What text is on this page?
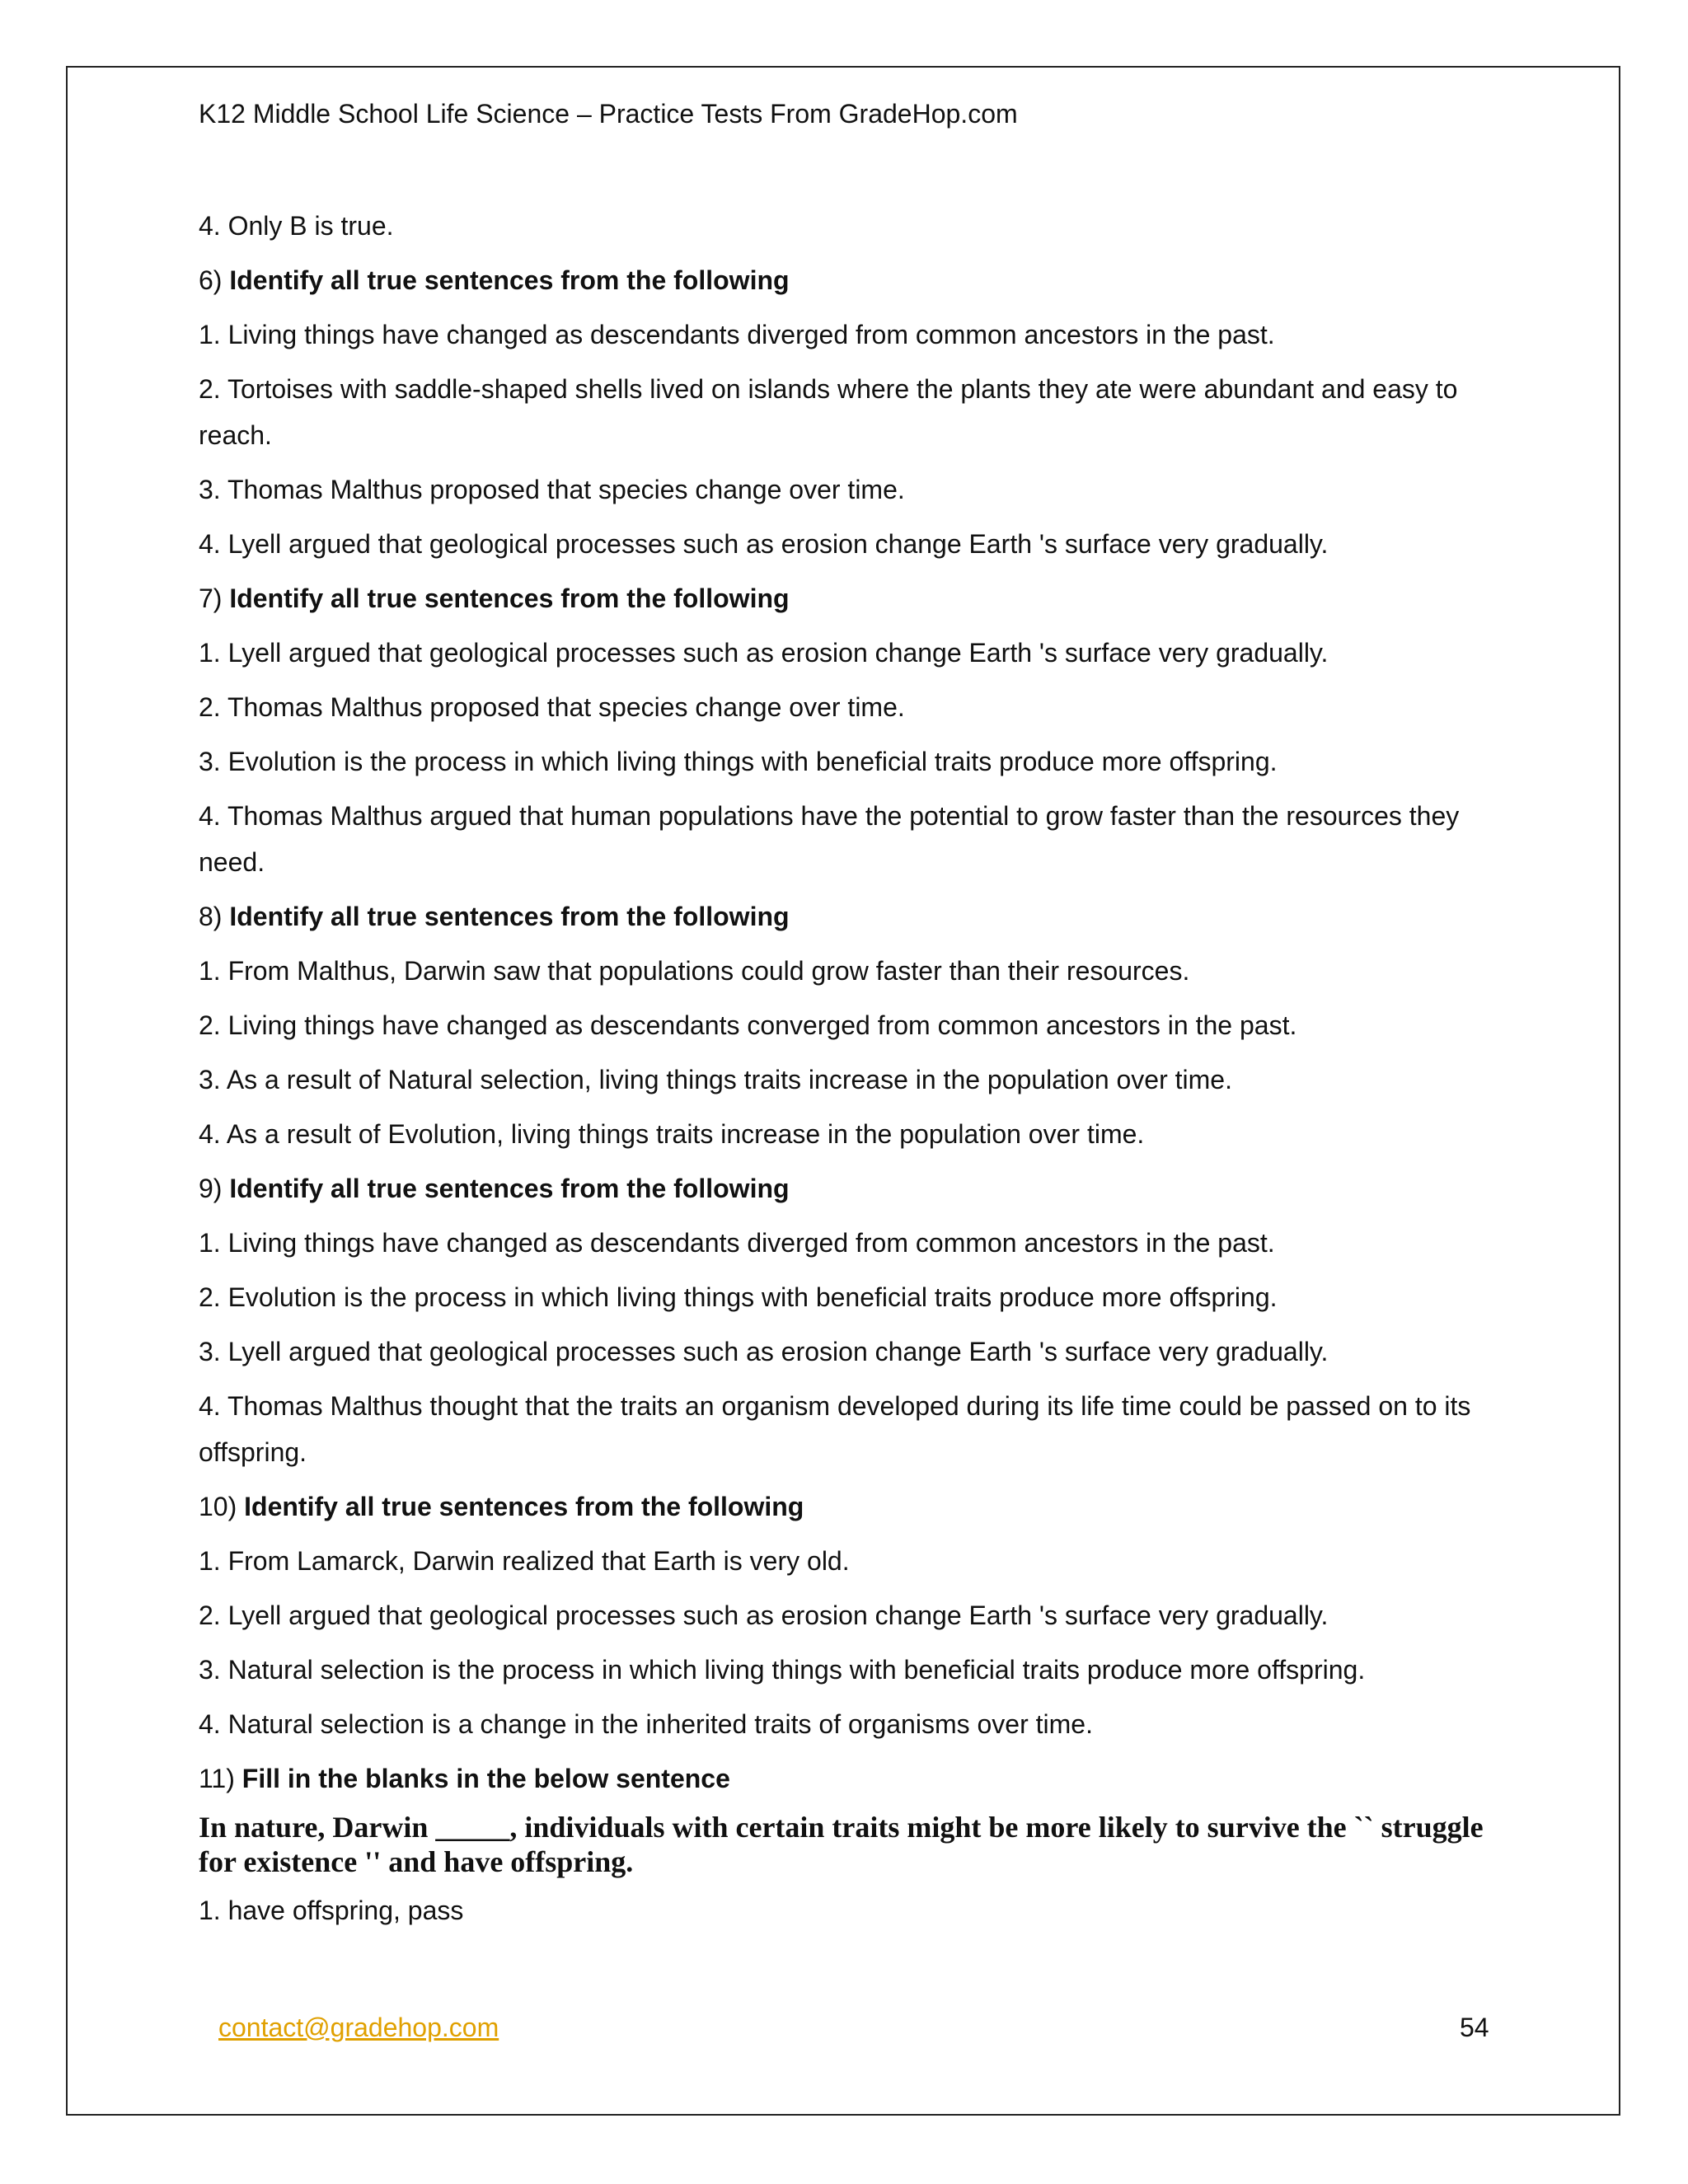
K12 Middle School Life Science – Practice Tests From GradeHop.com
4. Only B is true.
6) Identify all true sentences from the following
1. Living things have changed as descendants diverged from common ancestors in the past.
2. Tortoises with saddle-shaped shells lived on islands where the plants they ate were abundant and easy to reach.
3. Thomas Malthus proposed that species change over time.
4. Lyell argued that geological processes such as erosion change Earth 's surface very gradually.
7) Identify all true sentences from the following
1. Lyell argued that geological processes such as erosion change Earth 's surface very gradually.
2. Thomas Malthus proposed that species change over time.
3. Evolution is the process in which living things with beneficial traits produce more offspring.
4. Thomas Malthus argued that human populations have the potential to grow faster than the resources they need.
8) Identify all true sentences from the following
1. From Malthus, Darwin saw that populations could grow faster than their resources.
2. Living things have changed as descendants converged from common ancestors in the past.
3. As a result of Natural selection, living things traits increase in the population over time.
4. As a result of Evolution, living things traits increase in the population over time.
9) Identify all true sentences from the following
1. Living things have changed as descendants diverged from common ancestors in the past.
2. Evolution is the process in which living things with beneficial traits produce more offspring.
3. Lyell argued that geological processes such as erosion change Earth 's surface very gradually.
4. Thomas Malthus thought that the traits an organism developed during its life time could be passed on to its offspring.
10) Identify all true sentences from the following
1. From Lamarck, Darwin realized that Earth is very old.
2. Lyell argued that geological processes such as erosion change Earth 's surface very gradually.
3. Natural selection is the process in which living things with beneficial traits produce more offspring.
4. Natural selection is a change in the inherited traits of organisms over time.
11) Fill in the blanks in the below sentence
In nature, Darwin _____, individuals with certain traits might be more likely to survive the `` struggle for existence '' and have offspring.
1. have offspring, pass
contact@gradehop.com	54
